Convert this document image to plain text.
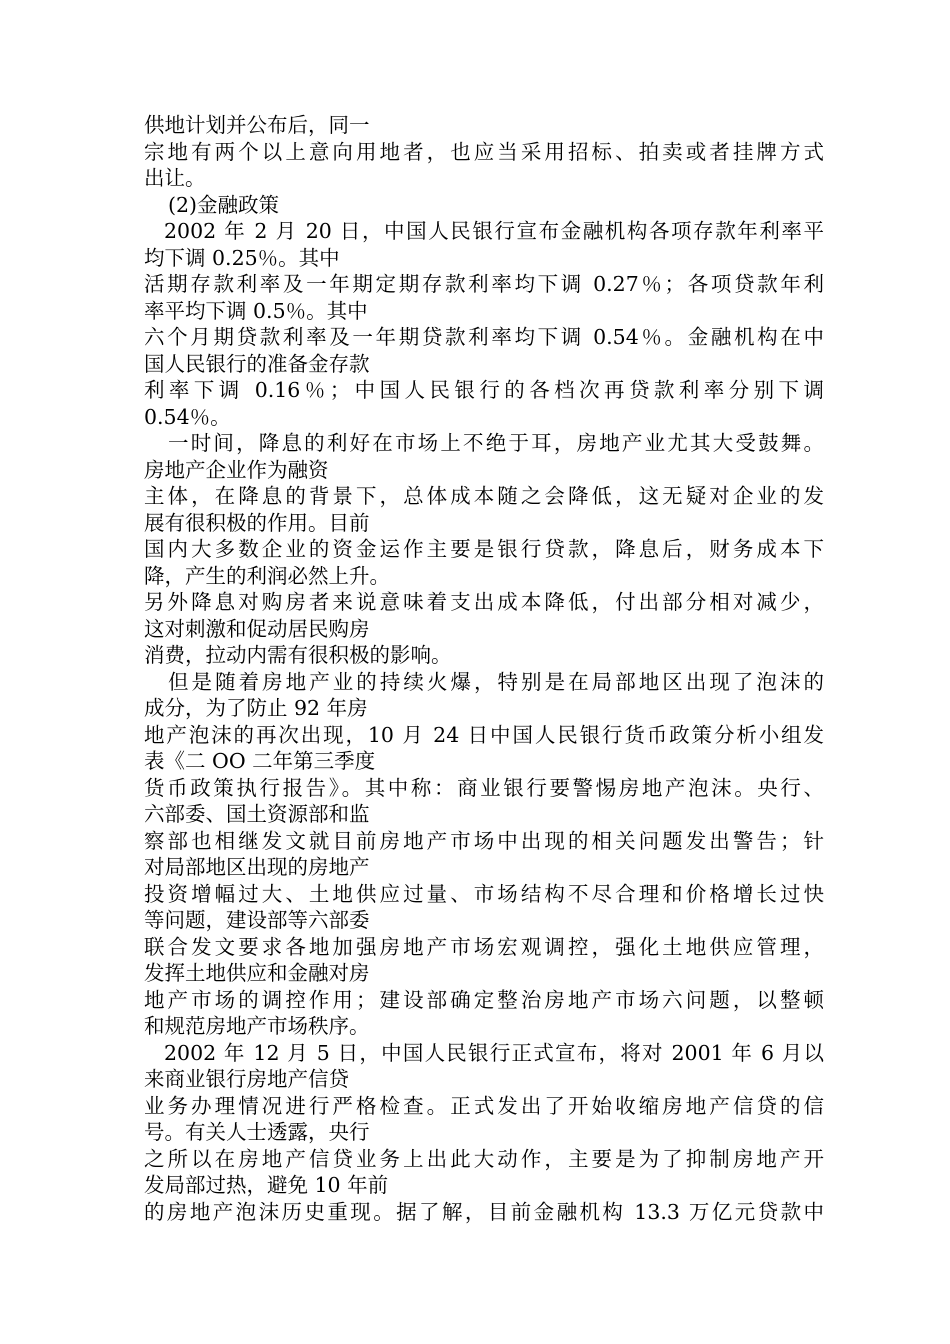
供地计划并公布后，同一
宗地有两个以上意向用地者，也应当采用招标、拍卖或者挂牌方式
出让。
(2)金融政策
2002 年 2 月 20 日，中国人民银行宣布金融机构各项存款年利率平
均下调 0.25％。其中
活期存款利率及一年期定期存款利率均下调 0.27％；各项贷款年利
率平均下调 0.5％。其中
六个月期贷款利率及一年期贷款利率均下调 0.54％。金融机构在中
国人民银行的准备金存款
利率下调 0.16％；中国人民银行的各档次再贷款利率分别下调
0.54％。
一时间，降息的利好在市场上不绝于耳，房地产业尤其大受鼓舞。
房地产企业作为融资
主体，在降息的背景下，总体成本随之会降低，这无疑对企业的发
展有很积极的作用。目前
国内大多数企业的资金运作主要是银行贷款，降息后，财务成本下
降，产生的利润必然上升。
另外降息对购房者来说意味着支出成本降低，付出部分相对减少，
这对刺激和促动居民购房
消费，拉动内需有很积极的影响。
但是随着房地产业的持续火爆，特别是在局部地区出现了泡沫的
成分，为了防止 92 年房
地产泡沫的再次出现，10 月 24 日中国人民银行货币政策分析小组发
表《二 OO 二年第三季度
货币政策执行报告》。其中称：商业银行要警惕房地产泡沫。央行、
六部委、国土资源部和监
察部也相继发文就目前房地产市场中出现的相关问题发出警告；针
对局部地区出现的房地产
投资增幅过大、土地供应过量、市场结构不尽合理和价格增长过快
等问题，建设部等六部委
联合发文要求各地加强房地产市场宏观调控，强化土地供应管理，
发挥土地供应和金融对房
地产市场的调控作用；建设部确定整治房地产市场六问题，以整顿
和规范房地产市场秩序。
2002 年 12 月 5 日，中国人民银行正式宣布，将对 2001 年 6 月以
来商业银行房地产信贷
业务办理情况进行严格检查。正式发出了开始收缩房地产信贷的信
号。有关人士透露，央行
之所以在房地产信贷业务上出此大动作，主要是为了抑制房地产开
发局部过热，避免 10 年前
的房地产泡沫历史重现。据了解，目前金融机构 13.3 万亿元贷款中
